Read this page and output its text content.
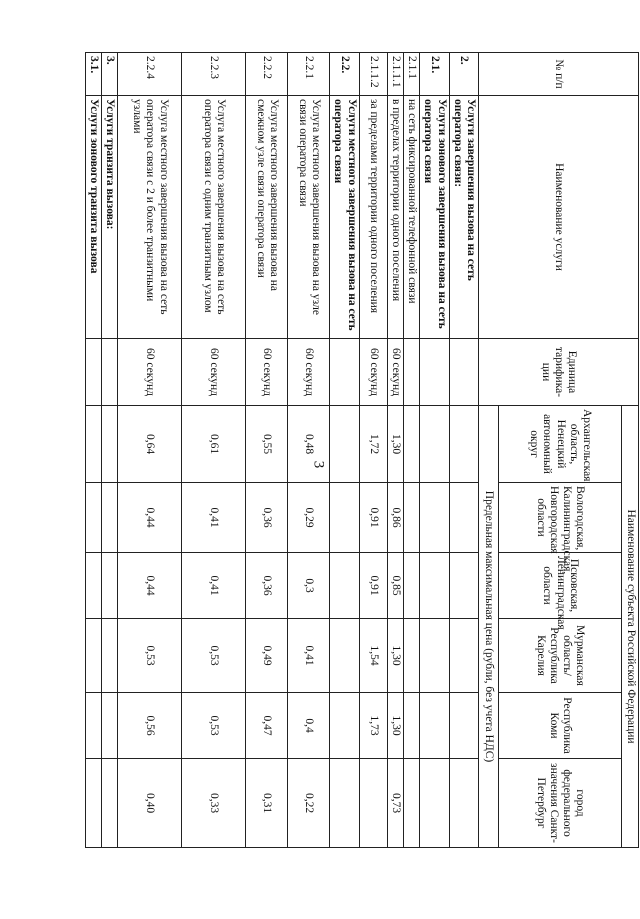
3
№ п/п	Наименование услуги	Единица тарифика-ции	Наименование субъекта Российской Федерации					
			Архангельская область, Ненецкий автономный округ	Вологодская, Калининградская, Новгородская области	Псковская, Ленинградская области	Мурманская область/ Республика Карелия	Республика Коми	город федерального значения Санкт-Петербург
			Предельная максимальная цена (рубли, без учета НДС)					
2.	Услуги завершения вызова на сеть оператора связи:							
2.1.	Услуги зонового завершения вызова на сеть оператора связи							
2.1.1	на сеть фиксированной телефонной связи							
2.1.1.1	в пределах территории одного поселения	60 секунд	1,30	0,86	0,85	1,30	1,30	0,73
2.1.1.2	за пределами территории одного поселения	60 секунд	1,72	0,91	0,91	1,54	1,73	
2.2.	Услуги местного завершения вызова на сеть оператора связи							
2.2.1	Услуга местного завершения вызова на узле связи оператора связи	60 секунд	0,48	0,29	0,3	0,41	0,4	0,22
2.2.2	Услуга местного завершения вызова на смежном узле связи оператора связи	60 секунд	0,55	0,36	0,36	0,49	0,47	0,31
2.2.3	Услуга местного завершения вызова на сеть оператора связи с одним транзитным узлом	60 секунд	0,61	0,41	0,41	0,53	0,53	0,33
2.2.4	Услуга местного завершения вызова на сеть оператора связи с 2 и более транзитными узлами	60 секунд	0,64	0,44	0,44	0,53	0,56	0,40
3.	Услуги транзита вызова:							
3.1.	Услуги зонового транзита вызова							
